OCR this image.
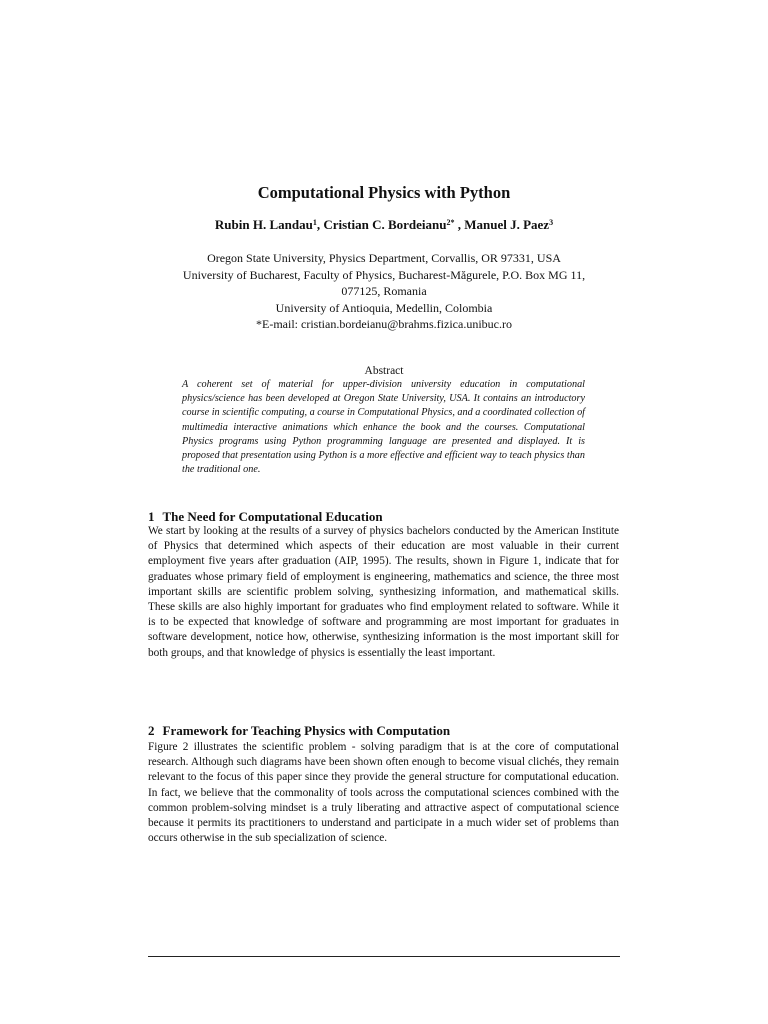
Computational Physics with Python
Rubin H. Landau$^1$, Cristian C. Bordeianu$^{2*}$ , Manuel J. Paez$^3$
Oregon State University, Physics Department, Corvallis, OR 97331, USA
University of Bucharest, Faculty of Physics, Bucharest-Măgurele, P.O. Box MG 11,
077125, Romania
University of Antioquia, Medellin, Colombia
*E-mail: cristian.bordeianu@brahms.fizica.unibuc.ro
Abstract

A coherent set of material for upper-division university education in computational physics/science has been developed at Oregon State University, USA. It contains an introductory course in scientific computing, a course in Computational Physics, and a coordinated collection of multimedia interactive animations which enhance the book and the courses. Computational Physics programs using Python programming language are presented and displayed. It is proposed that presentation using Python is a more effective and efficient way to teach physics than the traditional one.

1 The Need for Computational Education

We start by looking at the results of a survey of physics bachelors conducted by the American Institute of Physics that determined which aspects of their education are most valuable in their current employment five years after graduation (AIP, 1995). The results, shown in Figure 1, indicate that for graduates whose primary field of employment is engineering, mathematics and science, the three most important skills are scientific problem solving, synthesizing information, and mathematical skills. These skills are also highly important for graduates who find employment related to software. While it is to be expected that knowledge of software and programming are most important for graduates in software development, notice how, otherwise, synthesizing information is the most important skill for both groups, and that knowledge of physics is essentially the least important.

2 Framework for Teaching Physics with Computation

Figure 2 illustrates the scientific problem - solving paradigm that is at the core of computational research. Although such diagrams have been shown often enough to become visual clichés, they remain relevant to the focus of this paper since they provide the general structure for computational education. In fact, we believe that the commonality of tools across the computational sciences combined with the common problem-solving mindset is a truly liberating and attractive aspect of computational science because it permits its practitioners to understand and participate in a much wider set of problems than occurs otherwise in the sub specialization of science.
